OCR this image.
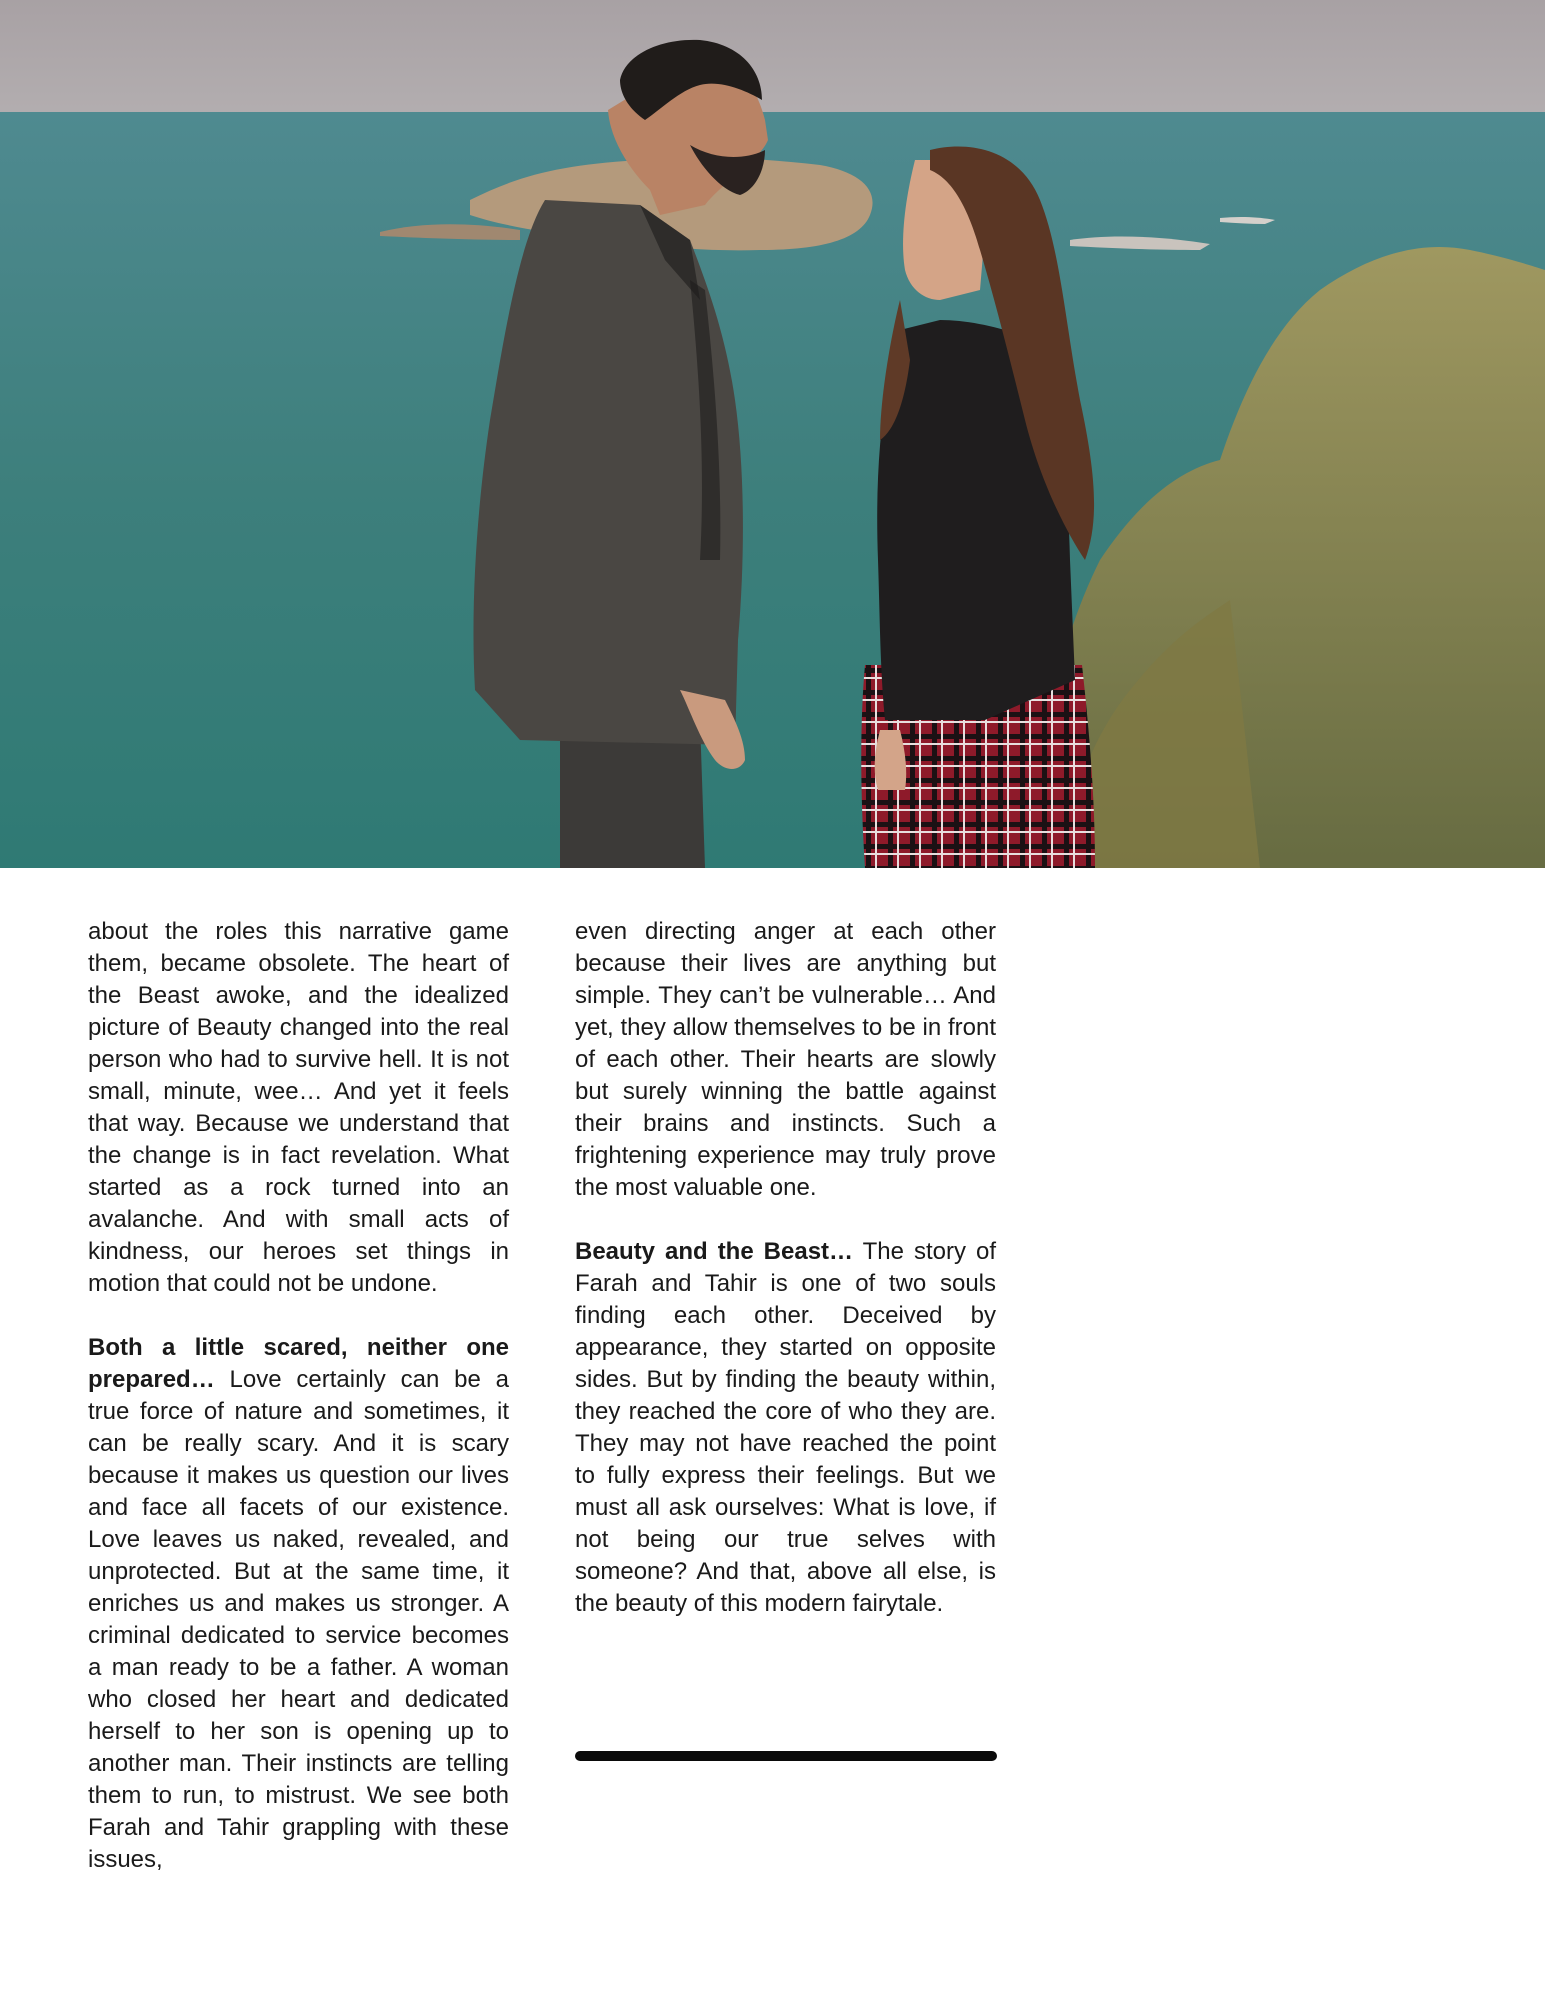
about the roles this narrative game them, became obsolete. The heart of the Beast awoke, and the idealized picture of Beauty changed into the real person who had to survive hell. It is not small, minute, wee… And yet it feels that way. Because we understand that the change is in fact revelation. What started as a rock turned into an avalanche. And with small acts of kindness, our heroes set things in motion that could not be undone.

Both a little scared, neither one prepared… Love certainly can be a true force of nature and sometimes, it can be really scary. And it is scary because it makes us question our lives and face all facets of our existence. Love leaves us naked, revealed, and unprotected. But at the same time, it enriches us and makes us stronger. A criminal dedicated to service becomes a man ready to be a father. A woman who closed her heart and dedicated herself to her son is opening up to another man. Their instincts are telling them to run, to mistrust. We see both Farah and Tahir grappling with these issues,

even directing anger at each other because their lives are anything but simple. They can’t be vulnerable… And yet, they allow themselves to be in front of each other. Their hearts are slowly but surely winning the battle against their brains and instincts. Such a frightening experience may truly prove the most valuable one.

Beauty and the Beast… The story of Farah and Tahir is one of two souls finding each other. Deceived by appearance, they started on opposite sides. But by finding the beauty within, they reached the core of who they are. They may not have reached the point to fully express their feelings. But we must all ask ourselves: What is love, if not being our true selves with someone? And that, above all else, is the beauty of this modern fairytale.
